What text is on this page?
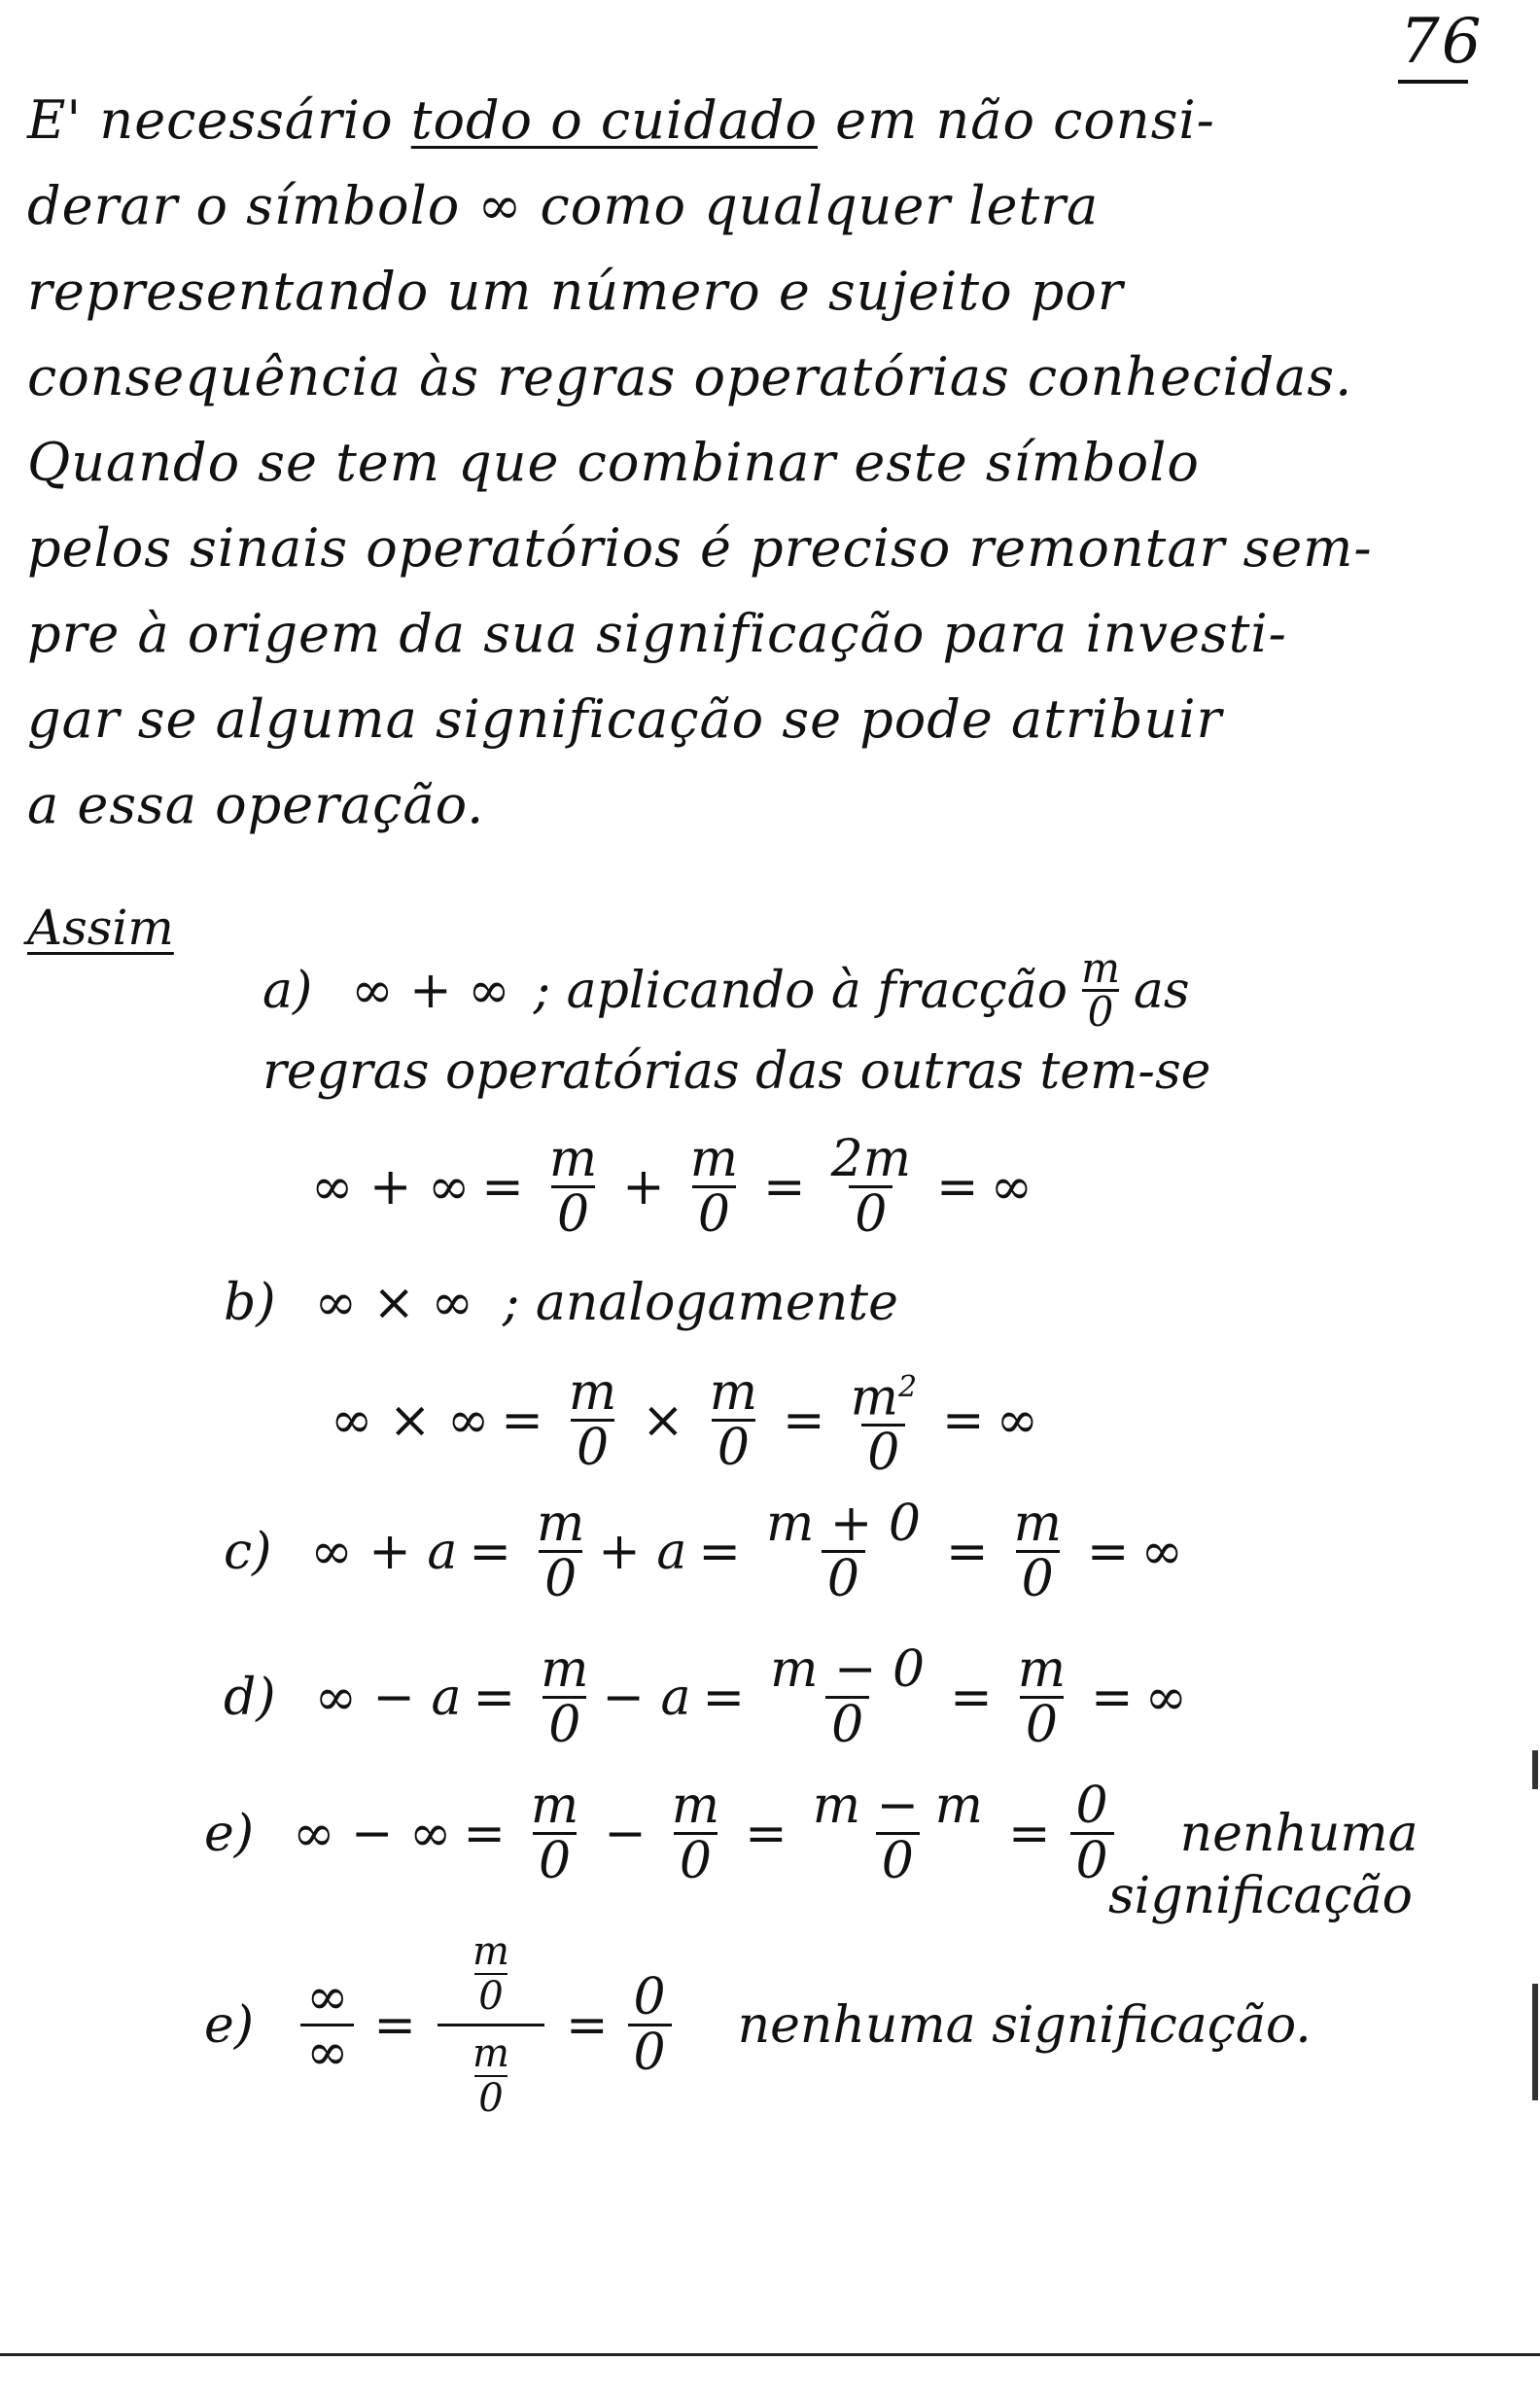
76
E' necessário todo o cuidado em não consi-
derar o símbolo ∞ como qualquer letra
representando um número e sujeito por
consequência às regras operatórias conhecidas.
Quando se tem que combinar este símbolo
pelos sinais operatórios é preciso remontar sem-
pre à origem da sua significação para investi-
gar se alguma significação se pode atribuir
a essa operação.
Assim
a) ∞ + ∞ ; aplicando à fracção $\frac{m}{0}$ as
regras operatórias das outras tem-se
∞ + ∞ = $\frac{m}{0} + \frac{m}{0} = \frac{2m}{0}$ = ∞
b) ∞ × ∞ ; analogamente
∞ × ∞ = $\frac{m}{0} \times \frac{m}{0} = \frac{m^2}{0}$ = ∞
c) ∞ + $a = \frac{m}{0} + a = \frac{m + 0}{0} = \frac{m}{0}$ = ∞
d) ∞ − $a = \frac{m}{0} - a = \frac{m - 0}{0} = \frac{m}{0}$ = ∞
e) ∞ − ∞ = $\frac{m}{0} - \frac{m}{0} = \frac{m - m}{0} = \frac{0}{0}$ nenhuma
significação
$e) \frac{\infty}{\infty}$ =
m
0
m
0
= $\frac{0}{0}$ nenhuma significação.
